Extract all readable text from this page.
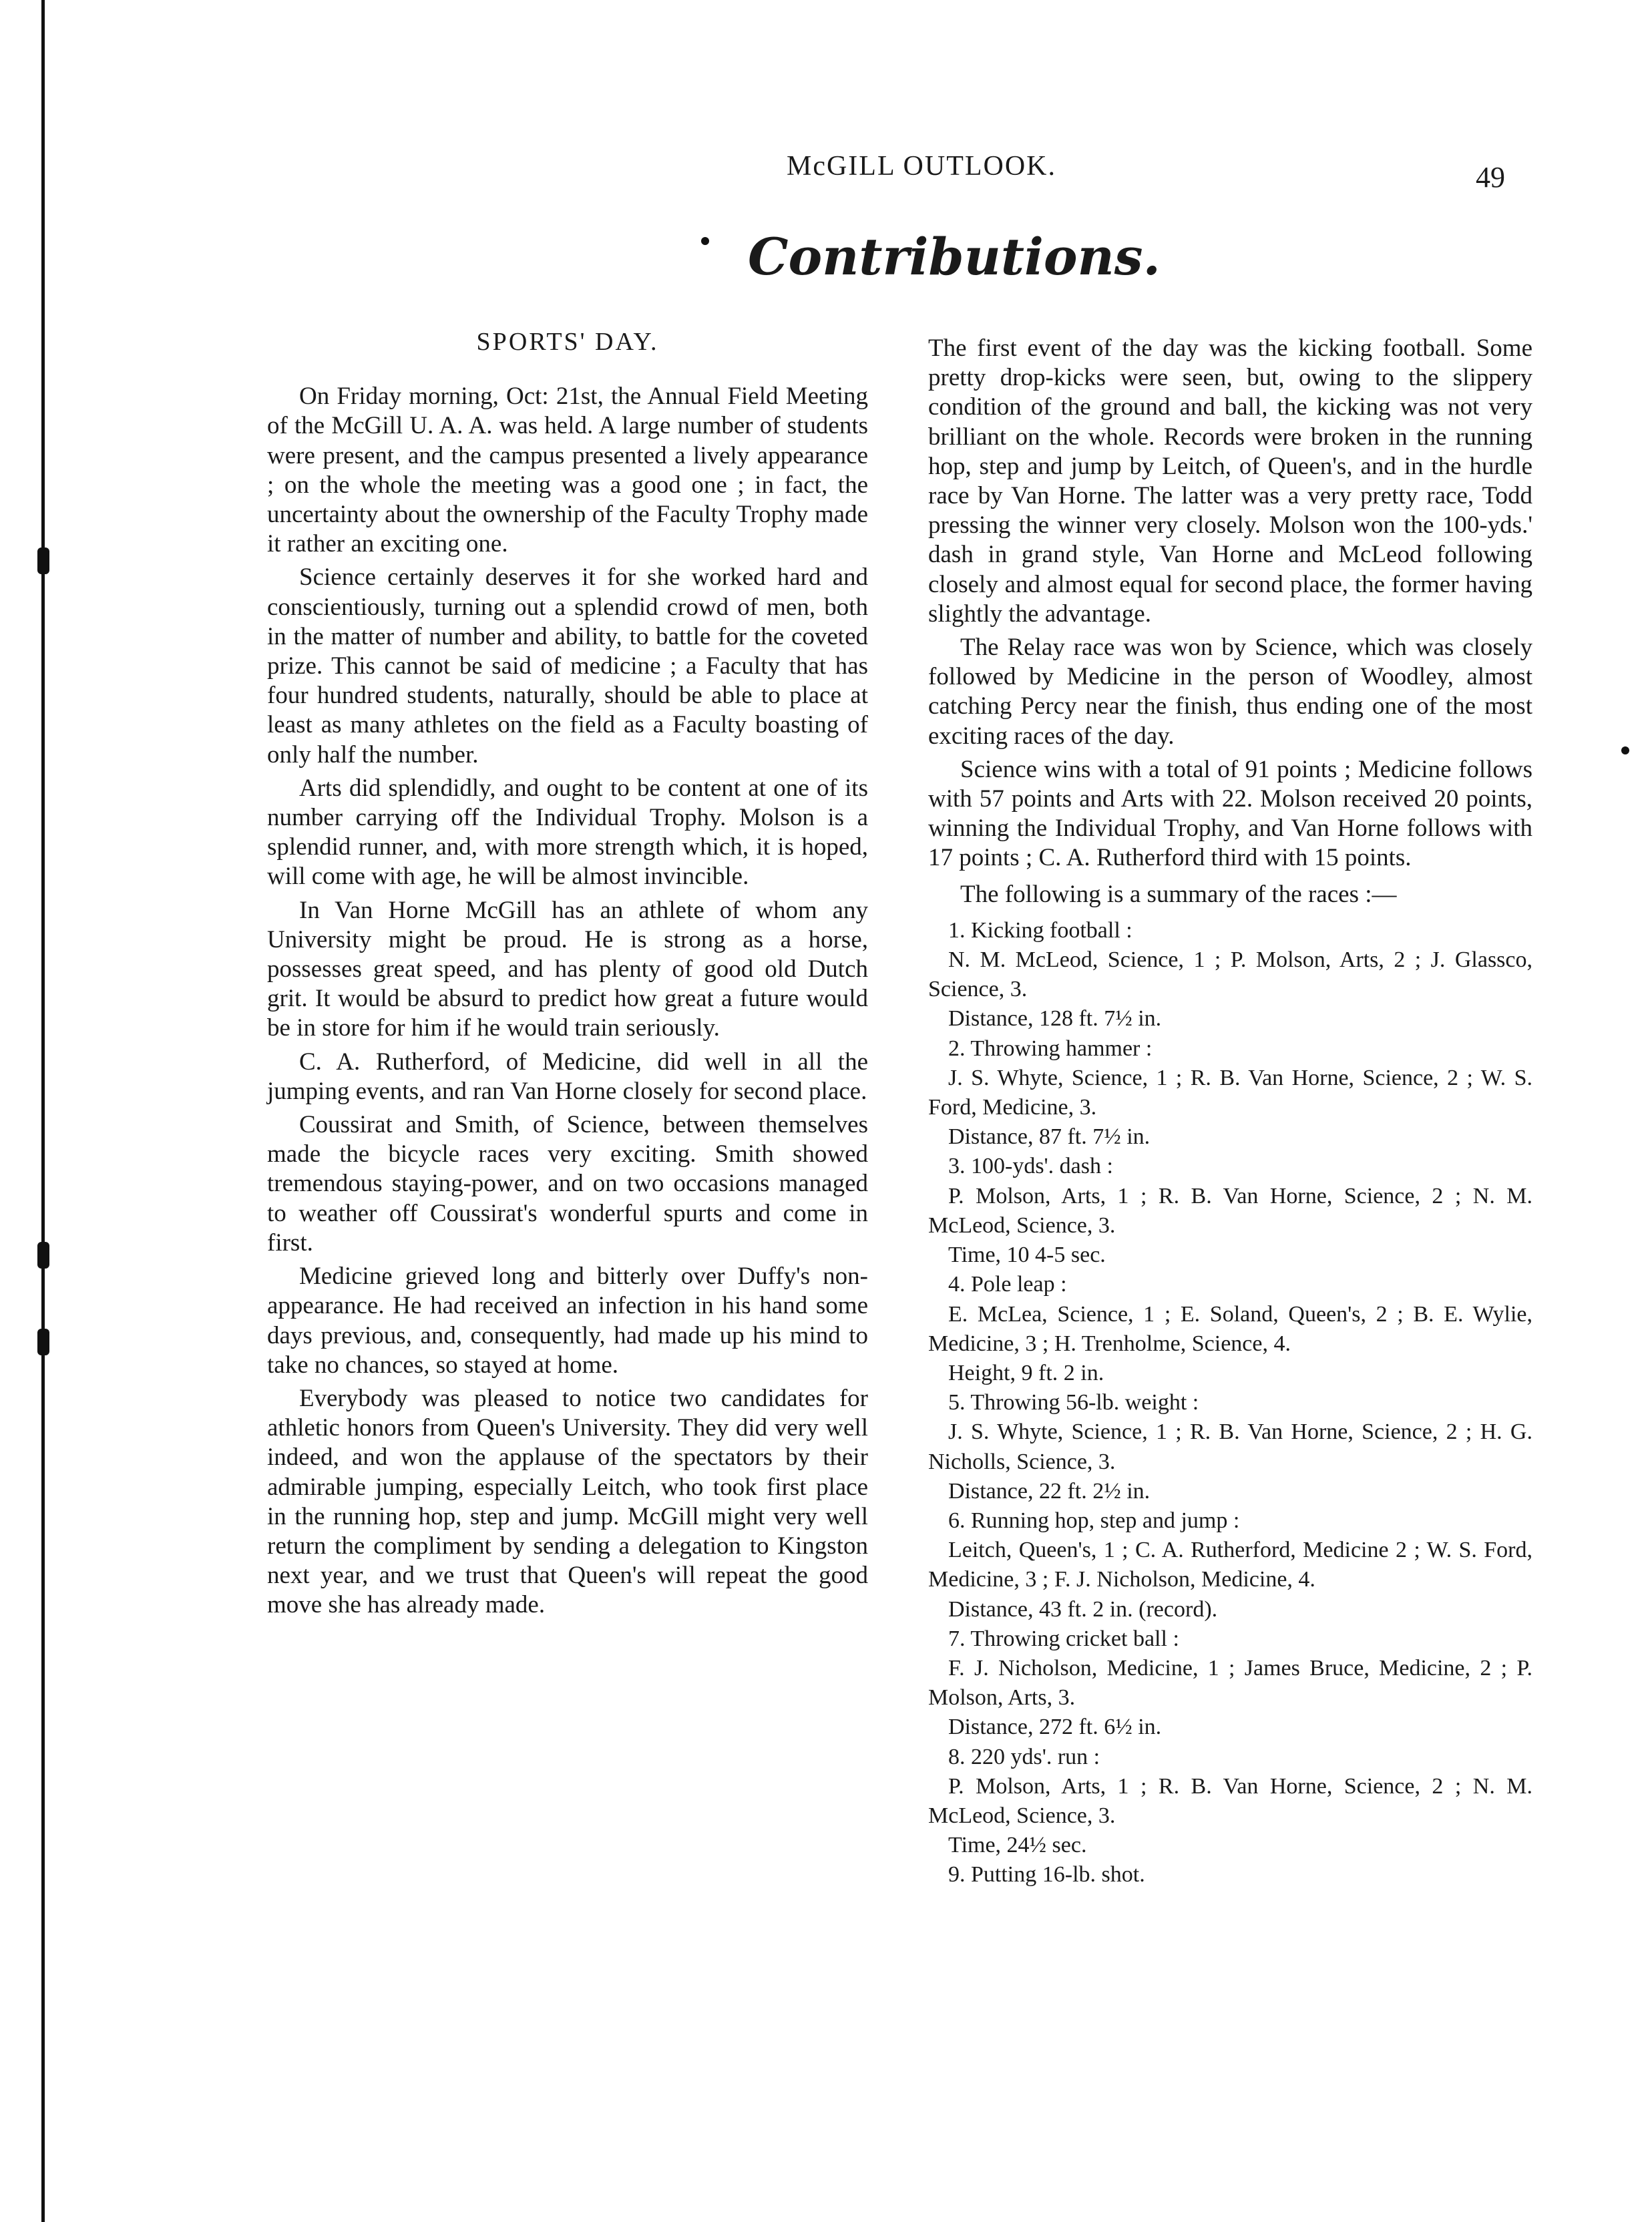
McGILL OUTLOOK.	49
Contributions.
SPORTS' DAY.

On Friday morning, Oct: 21st, the Annual Field Meeting of the McGill U. A. A. was held. A large number of students were present, and the campus presented a lively appearance ; on the whole the meeting was a good one ; in fact, the uncertainty about the ownership of the Faculty Trophy made it rather an exciting one.

Science certainly deserves it for she worked hard and conscientiously, turning out a splendid crowd of men, both in the matter of number and ability, to battle for the coveted prize. This cannot be said of medicine ; a Faculty that has four hundred students, naturally, should be able to place at least as many athletes on the field as a Faculty boasting of only half the number.

Arts did splendidly, and ought to be content at one of its number carrying off the Individual Trophy. Molson is a splendid runner, and, with more strength which, it is hoped, will come with age, he will be almost invincible.

In Van Horne McGill has an athlete of whom any University might be proud. He is strong as a horse, possesses great speed, and has plenty of good old Dutch grit. It would be absurd to predict how great a future would be in store for him if he would train seriously.

C. A. Rutherford, of Medicine, did well in all the jumping events, and ran Van Horne closely for second place.

Coussirat and Smith, of Science, between themselves made the bicycle races very exciting. Smith showed tremendous staying-power, and on two occasions managed to weather off Coussirat's wonderful spurts and come in first.

Medicine grieved long and bitterly over Duffy's non-appearance. He had received an infection in his hand some days previous, and, consequently, had made up his mind to take no chances, so stayed at home.

Everybody was pleased to notice two candidates for athletic honors from Queen's University. They did very well indeed, and won the applause of the spectators by their admirable jumping, especially Leitch, who took first place in the running hop, step and jump. McGill might very well return the compliment by sending a delegation to Kingston next year, and we trust that Queen's will repeat the good move she has already made.

The first event of the day was the kicking football. Some pretty drop-kicks were seen, but, owing to the slippery condition of the ground and ball, the kicking was not very brilliant on the whole. Records were broken in the running hop, step and jump by Leitch, of Queen's, and in the hurdle race by Van Horne. The latter was a very pretty race, Todd pressing the winner very closely. Molson won the 100-yds.' dash in grand style, Van Horne and McLeod following closely and almost equal for second place, the former having slightly the advantage.

The Relay race was won by Science, which was closely followed by Medicine in the person of Woodley, almost catching Percy near the finish, thus ending one of the most exciting races of the day.

Science wins with a total of 91 points ; Medicine follows with 57 points and Arts with 22. Molson received 20 points, winning the Individual Trophy, and Van Horne follows with 17 points ; C. A. Rutherford third with 15 points.

The following is a summary of the races :—

1. Kicking football :
N. M. McLeod, Science, 1 ; P. Molson, Arts, 2 ; J. Glassco, Science, 3.
Distance, 128 ft. 7½ in.
2. Throwing hammer :
J. S. Whyte, Science, 1 ; R. B. Van Horne, Science, 2 ; W. S. Ford, Medicine, 3.
Distance, 87 ft. 7½ in.
3. 100-yds'. dash :
P. Molson, Arts, 1 ; R. B. Van Horne, Science, 2 ; N. M. McLeod, Science, 3.
Time, 10 4-5 sec.
4. Pole leap :
E. McLea, Science, 1 ; E. Soland, Queen's, 2 ; B. E. Wylie, Medicine, 3 ; H. Trenholme, Science, 4.
Height, 9 ft. 2 in.
5. Throwing 56-lb. weight :
J. S. Whyte, Science, 1 ; R. B. Van Horne, Science, 2 ; H. G. Nicholls, Science, 3.
Distance, 22 ft. 2½ in.
6. Running hop, step and jump :
Leitch, Queen's, 1 ; C. A. Rutherford, Medicine 2 ; W. S. Ford, Medicine, 3 ; F. J. Nicholson, Medicine, 4.
Distance, 43 ft. 2 in. (record).
7. Throwing cricket ball :
F. J. Nicholson, Medicine, 1 ; James Bruce, Medicine, 2 ; P. Molson, Arts, 3.
Distance, 272 ft. 6½ in.
8. 220 yds'. run :
P. Molson, Arts, 1 ; R. B. Van Horne, Science, 2 ; N. M. McLeod, Science, 3.
Time, 24½ sec.
9. Putting 16-lb. shot.
